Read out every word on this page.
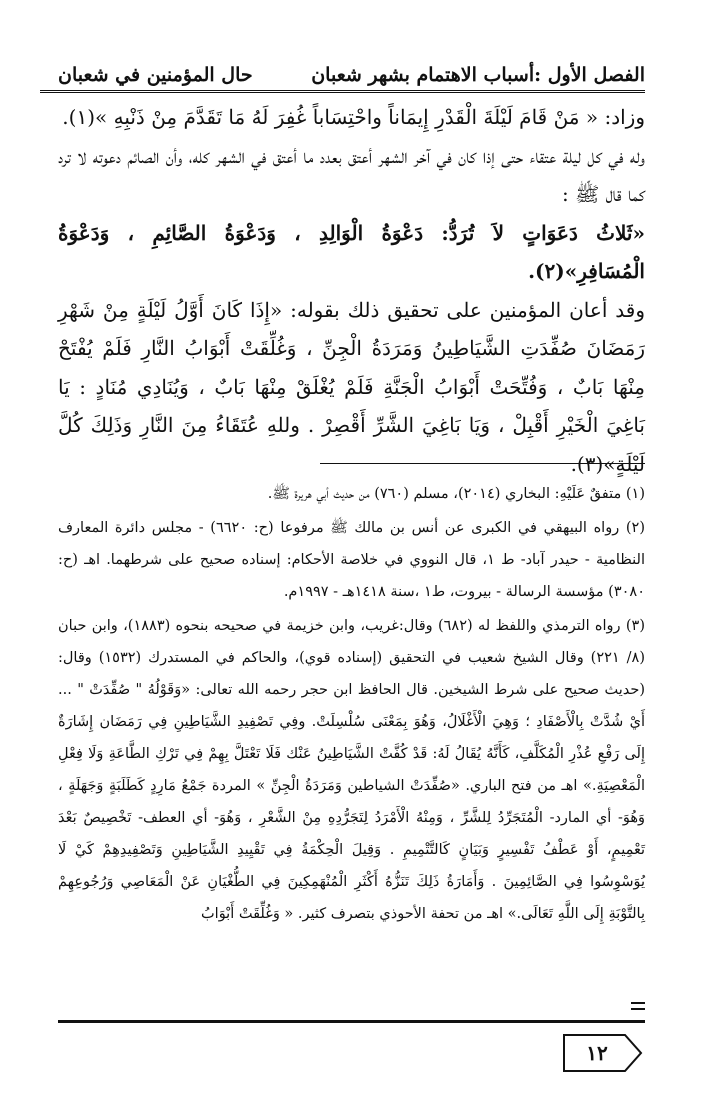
الفصل الأول :أسباب الاهتمام بشهر شعبان
حال المؤمنين في شعبان

وزاد: « مَنْ قَامَ لَيْلَةَ الْقَدْرِ إِيمَاناً واحْتِسَاباً غُفِرَ لَهُ مَا تَقَدَّمَ مِنْ ذَنْبِهِ »(١).

وله في كل ليلة عتقاء حتى إذا كان في آخر الشهر أعتق بعدد ما أعتق في الشهر كله، وأن الصائم دعوته لا ترد كما قال ﷺ :

«ثَلاثُ دَعَوَاتٍ لاَ تُرَدُّ: دَعْوَةُ الْوَالِدِ ، وَدَعْوَةُ الصَّائِمِ ، وَدَعْوَةُ الْمُسَافِرِ»(٢).

وقد أعان المؤمنين على تحقيق ذلك بقوله: «إِذَا كَانَ أَوَّلُ لَيْلَةٍ مِنْ شَهْرِ رَمَضَانَ صُفِّدَتِ الشَّيَاطِينُ وَمَرَدَةُ الْجِنِّ ، وَغُلِّقَتْ أَبْوَابُ النَّارِ فَلَمْ يُفْتَحْ مِنْهَا بَابٌ ، وَفُتِّحَتْ أَبْوَابُ الْجَنَّةِ فَلَمْ يُغْلَقْ مِنْهَا بَابٌ ، وَيُنَادِي مُنَادٍ : يَا بَاغِيَ الْخَيْرِ أَقْبِلْ ، وَيَا بَاغِيَ الشَّرِّ أَقْصِرْ . وللهِ عُتَقَاءُ مِنَ النَّارِ وَذَلِكَ كُلَّ لَيْلَةٍ»(٣).

(١) متفقٌ عَلَيْهِ: البخاري (٢٠١٤)، مسلم (٧٦٠) من حديث أبي هريرة ﷺ.

(٢) رواه البيهقي في الكبرى عن أنس بن مالك ﷺ مرفوعا (ح: ٦٦٢٠) - مجلس دائرة المعارف النظامية - حيدر آباد- ط ١، قال النووي في خلاصة الأحكام: إسناده صحيح على شرطهما. اهـ (ح: ٣٠٨٠) مؤسسة الرسالة - بيروت، ط١ ،سنة ١٤١٨هـ - ١٩٩٧م.

(٣) رواه الترمذي واللفظ له (٦٨٢) وقال:غريب، وابن خزيمة في صحيحه بنحوه (١٨٨٣)، وابن حبان (٨/ ٢٢١) وقال الشيخ شعيب في التحقيق (إسناده قوي)، والحاكم في المستدرك (١٥٣٢) وقال: (حديث صحيح على شرط الشيخين. قال الحافظ ابن حجر رحمه الله تعالى: «وَقَوْلُهُ " صُفِّدَتْ " ... أَيْ شُدَّتْ بِالْأَصْفَادِ ؛ وَهِيَ الْأَغْلَالُ، وَهُوَ بِمَعْنَى سُلْسِلَتْ. وفِي تَصْفِيدِ الشَّيَاطِينِ فِي رَمَضَان إِشَارَةٌ إِلَى رَفْعِ عُذْرِ الْمُكَلَّفِ، كَأَنَّهُ يُقَالُ لَهُ: قَدْ كُفَّتْ الشَّيَاطِينُ عَنْك فَلَا تَعْتَلَّ بِهِمْ فِي تَرْكِ الطَّاعَةِ وَلَا فِعْلِ الْمَعْصِيَةِ.» اهـ من فتح الباري. «صُفِّدَتْ الشياطين وَمَرَدَةُ الْجِنِّ » المردة جَمْعُ مَارِدٍ كَطَلَبَةٍ وَجَهَلَةٍ ، وَهُوَ- أي المارد- الْمُتَجَرِّدُ لِلشَّرِّ ، وَمِنْهُ الْأَمْرَدُ لِتَجَرُّدِهِ مِنْ الشَّعْرِ ، وَهُوَ- أي العطف- تَخْصِيصٌ بَعْدَ تَعْمِيمٍ، أَوْ عَطْفُ تَفْسِيرٍ وَبَيَانٍ كَالتَّتْمِيمِ . وَقِيلَ الْحِكْمَةُ فِي تَقْيِيدِ الشَّيَاطِينِ وَتَصْفِيدِهِمْ كَيْ لَا يُوَسْوِسُوا فِي الصَّائِمِينَ . وَأَمَارَةُ ذَلِكَ تَنَزُّهُ أَكْثَرِ الْمُنْهَمِكِينَ فِي الطُّغْيَانِ عَنْ الْمَعَاصِي وَرُجُوعِهِمْ بِالتَّوْبَةِ إِلَى اللَّهِ تَعَالَى.» اهـ من تحفة الأحوذي بتصرف كثير. « وَغُلِّقَتْ أَبْوَابُ

١٢
